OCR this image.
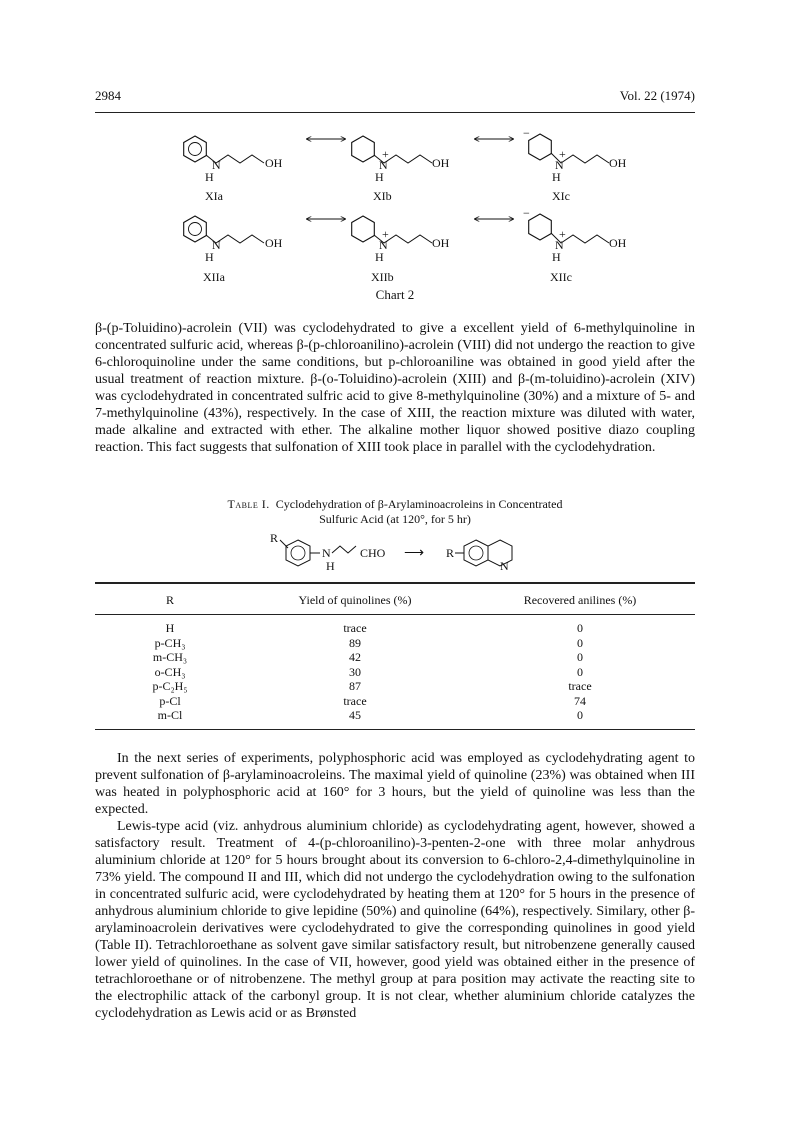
2984	Vol. 22 (1974)
N
H
OH
XIa
N
+
H
OH
XIb
−
N
+
H
OH
XIc
N
H
OH
XIIa
N
+
H
OH
XIIb
−
N
+
H
OH
XIIc
Chart 2

β-(p-Toluidino)-acrolein (VII) was cyclodehydrated to give a excellent yield of 6-methylquinoline in concentrated sulfuric acid, whereas β-(p-chloroanilino)-acrolein (VIII) did not undergo the reaction to give 6-chloroquinoline under the same conditions, but p-chloroaniline was obtained in good yield after the usual treatment of reaction mixture. β-(o-Toluidino)-acrolein (XIII) and β-(m-toluidino)-acrolein (XIV) was cyclodehydrated in concentrated sulfric acid to give 8-methylquinoline (30%) and a mixture of 5- and 7-methylquinoline (43%), respectively. In the case of XIII, the reaction mixture was diluted with water, made alkaline and extracted with ether. The alkaline mother liquor showed positive diazo coupling reaction. This fact suggests that sulfonation of XIII took place in parallel with the cyclodehydration.

Table I. Cyclodehydration of β-Arylaminoacroleins in Concentrated
Sulfuric Acid (at 120°, for 5 hr)
R
N
H
CHO ⟶ R
N
R	Yield of quinolines (%)	Recovered anilines (%)
H	trace	0
p-CH₃	89	0
m-CH₃	42	0
o-CH₃	30	0
p-C₂H₅	87	trace
p-Cl	trace	74
m-Cl	45	0

In the next series of experiments, polyphosphoric acid was employed as cyclodehydrating agent to prevent sulfonation of β-arylaminoacroleins. The maximal yield of quinoline (23%) was obtained when III was heated in polyphosphoric acid at 160° for 3 hours, but the yield of quinoline was less than the expected.

Lewis-type acid (viz. anhydrous aluminium chloride) as cyclodehydrating agent, however, showed a satisfactory result. Treatment of 4-(p-chloroanilino)-3-penten-2-one with three molar anhydrous aluminium chloride at 120° for 5 hours brought about its conversion to 6-chloro-2,4-dimethylquinoline in 73% yield. The compound II and III, which did not undergo the cyclodehydration owing to the sulfonation in concentrated sulfuric acid, were cyclodehydrated by heating them at 120° for 5 hours in the presence of anhydrous aluminium chloride to give lepidine (50%) and quinoline (64%), respectively. Similary, other β-arylaminoacrolein derivatives were cyclodehydrated to give the corresponding quinolines in good yield (Table II). Tetrachloroethane as solvent gave similar satisfactory result, but nitrobenzene generally caused lower yield of quinolines. In the case of VII, however, good yield was obtained either in the presence of tetrachloroethane or of nitrobenzene. The methyl group at para position may activate the reacting site to the electrophilic attack of the carbonyl group. It is not clear, whether aluminium chloride catalyzes the cyclodehydration as Lewis acid or as Brønsted
